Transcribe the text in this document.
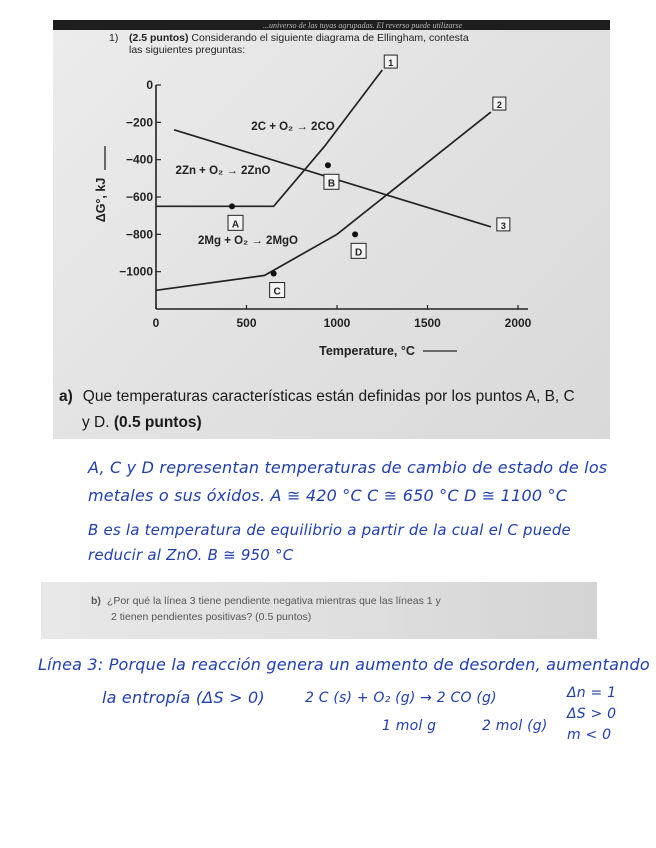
...universo de las tuyas agrupadas. El reverso puede utilizarse
1) (2.5 puntos) Considerando el siguiente diagrama de Ellingham, contesta
las siguientes preguntas:
0	500	1000	1500	2000
0
−200
−400
−600
−800
−1000
1
2
3
2C + O₂ → 2CO
2Zn + O₂ → 2ZnO
2Mg + O₂ → 2MgO
A
B
C
D
Temperature, °C
ΔG°, kJ
a) Que temperaturas características están definidas por los puntos A, B, C
y D. (0.5 puntos)
A, C y D representan temperaturas de cambio de estado de los
metales o sus óxidos. A ≅ 420 °C C ≅ 650 °C D ≅ 1100 °C
B es la temperatura de equilibrio a partir de la cual el C puede
reducir al ZnO. B ≅ 950 °C
b) ¿Por qué la línea 3 tiene pendiente negativa mientras que las líneas 1 y
2 tienen pendientes positivas? (0.5 puntos)
Línea 3: Porque la reacción genera un aumento de desorden, aumentando
la entropía (ΔS > 0)	2 C (s) + O₂ (g) → 2 CO (g)
1 mol g	2 mol (g)
Δn = 1
ΔS > 0
m < 0
